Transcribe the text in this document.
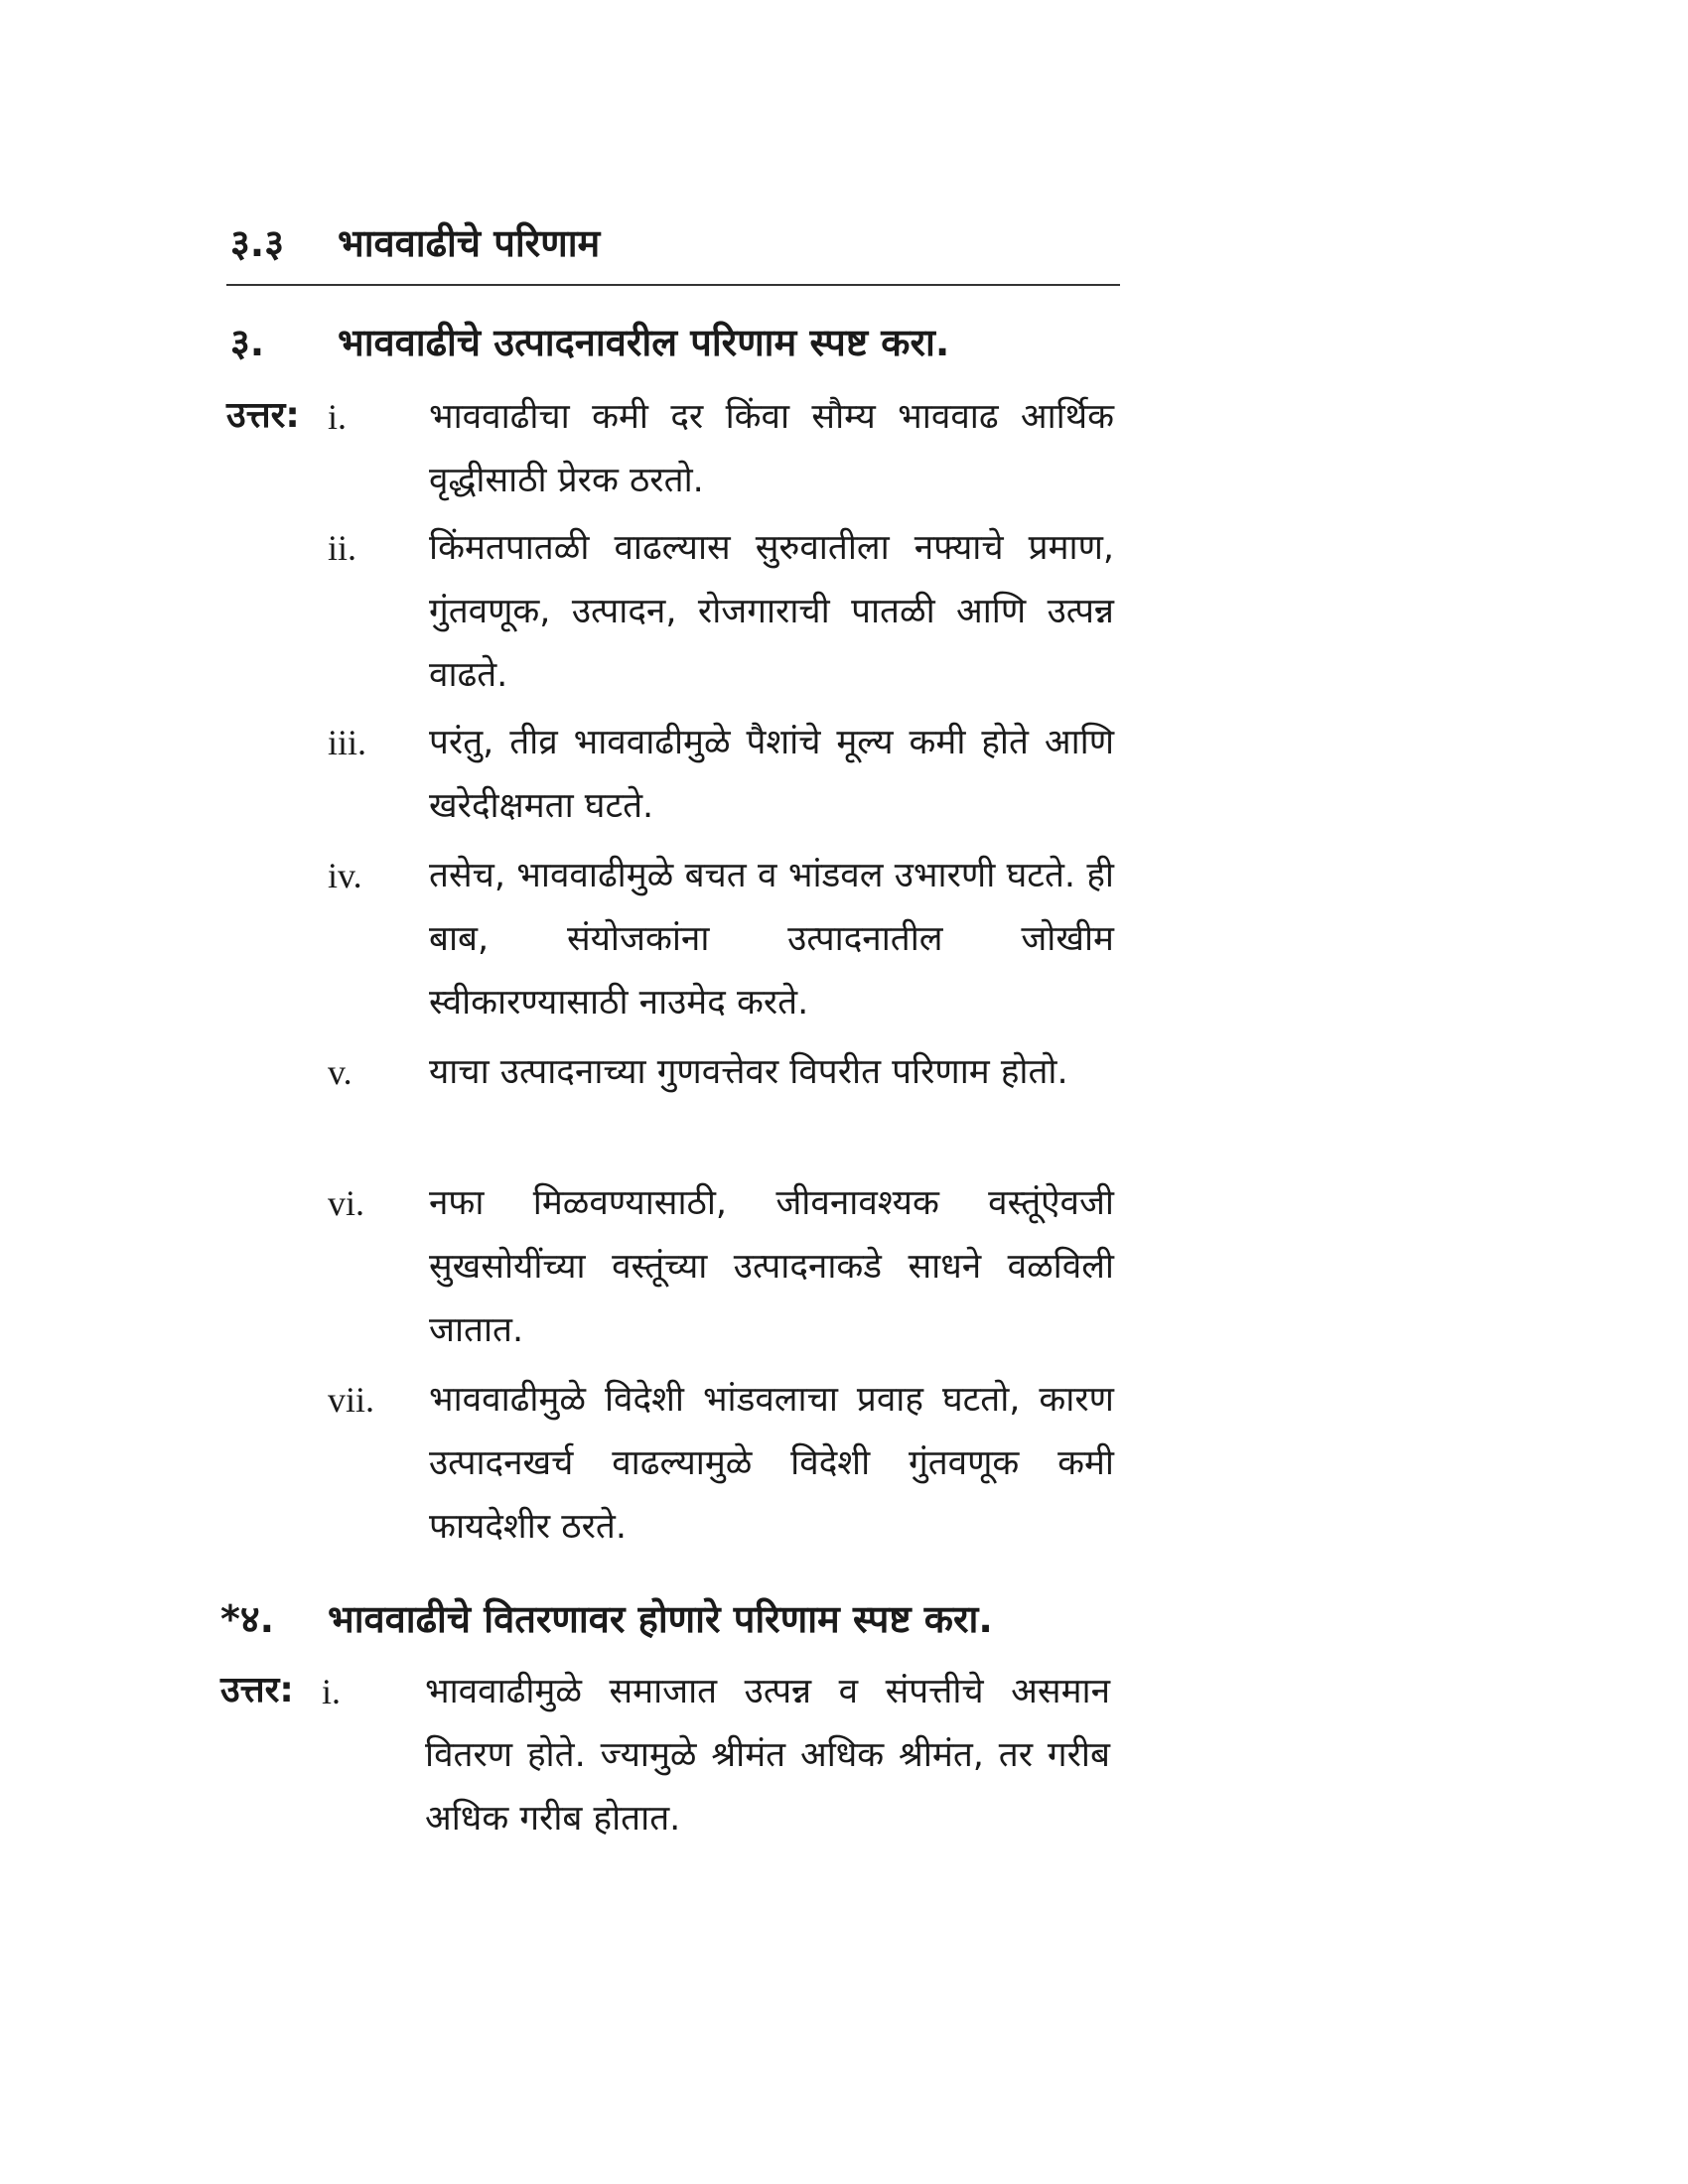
३.३ भाववाढीचे परिणाम
३. भाववाढीचे उत्पादनावरील परिणाम स्पष्ट करा.
उत्तर: i. भाववाढीचा कमी दर किंवा सौम्य भाववाढ आर्थिक वृद्धीसाठी प्रेरक ठरतो.
ii. किंमतपातळी वाढल्यास सुरुवातीला नफ्याचे प्रमाण, गुंतवणूक, उत्पादन, रोजगाराची पातळी आणि उत्पन्न वाढते.
iii. परंतु, तीव्र भाववाढीमुळे पैशांचे मूल्य कमी होते आणि खरेदीक्षमता घटते.
iv. तसेच, भाववाढीमुळे बचत व भांडवल उभारणी घटते. ही बाब, संयोजकांना उत्पादनातील जोखीम स्वीकारण्यासाठी नाउमेद करते.
v. याचा उत्पादनाच्या गुणवत्तेवर विपरीत परिणाम होतो.
vi. नफा मिळवण्यासाठी, जीवनावश्यक वस्तूंऐवजी सुखसोयींच्या वस्तूंच्या उत्पादनाकडे साधने वळविली जातात.
vii. भाववाढीमुळे विदेशी भांडवलाचा प्रवाह घटतो, कारण उत्पादनखर्च वाढल्यामुळे विदेशी गुंतवणूक कमी फायदेशीर ठरते.
*४. भाववाढीचे वितरणावर होणारे परिणाम स्पष्ट करा.
उत्तर: i. भाववाढीमुळे समाजात उत्पन्न व संपत्तीचे असमान वितरण होते. ज्यामुळे श्रीमंत अधिक श्रीमंत, तर गरीब अधिक गरीब होतात.
